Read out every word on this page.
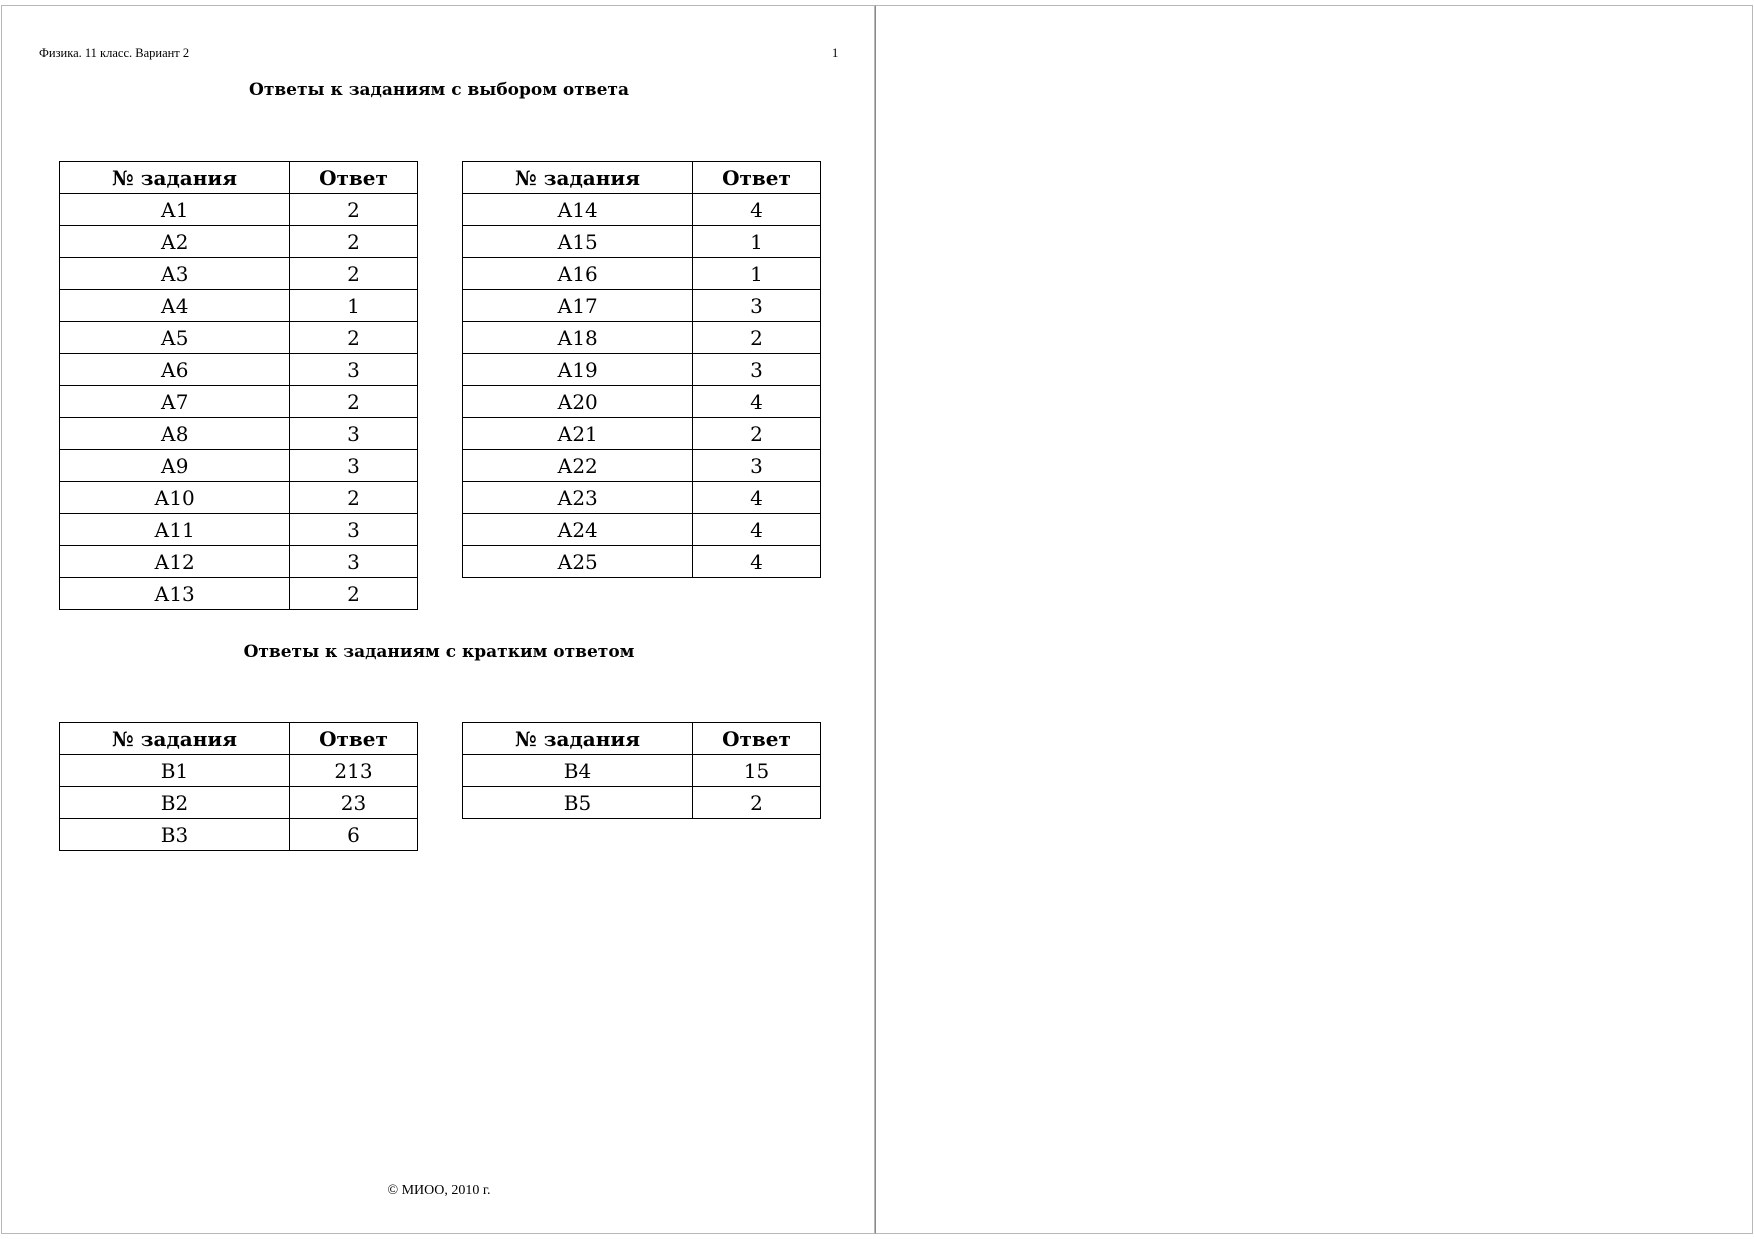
Физика. 11 класс. Вариант 2	1
Ответы к заданиям с выбором ответа
№ задания	Ответ
А1	2
А2	2
А3	2
А4	1
А5	2
А6	3
А7	2
А8	3
А9	3
А10	2
А11	3
А12	3
А13	2
№ задания	Ответ
А14	4
А15	1
А16	1
А17	3
А18	2
А19	3
А20	4
А21	2
А22	3
А23	4
А24	4
А25	4
Ответы к заданиям с кратким ответом
№ задания	Ответ
В1	213
В2	23
В3	6
№ задания	Ответ
В4	15
В5	2
© МИОО, 2010 г.
